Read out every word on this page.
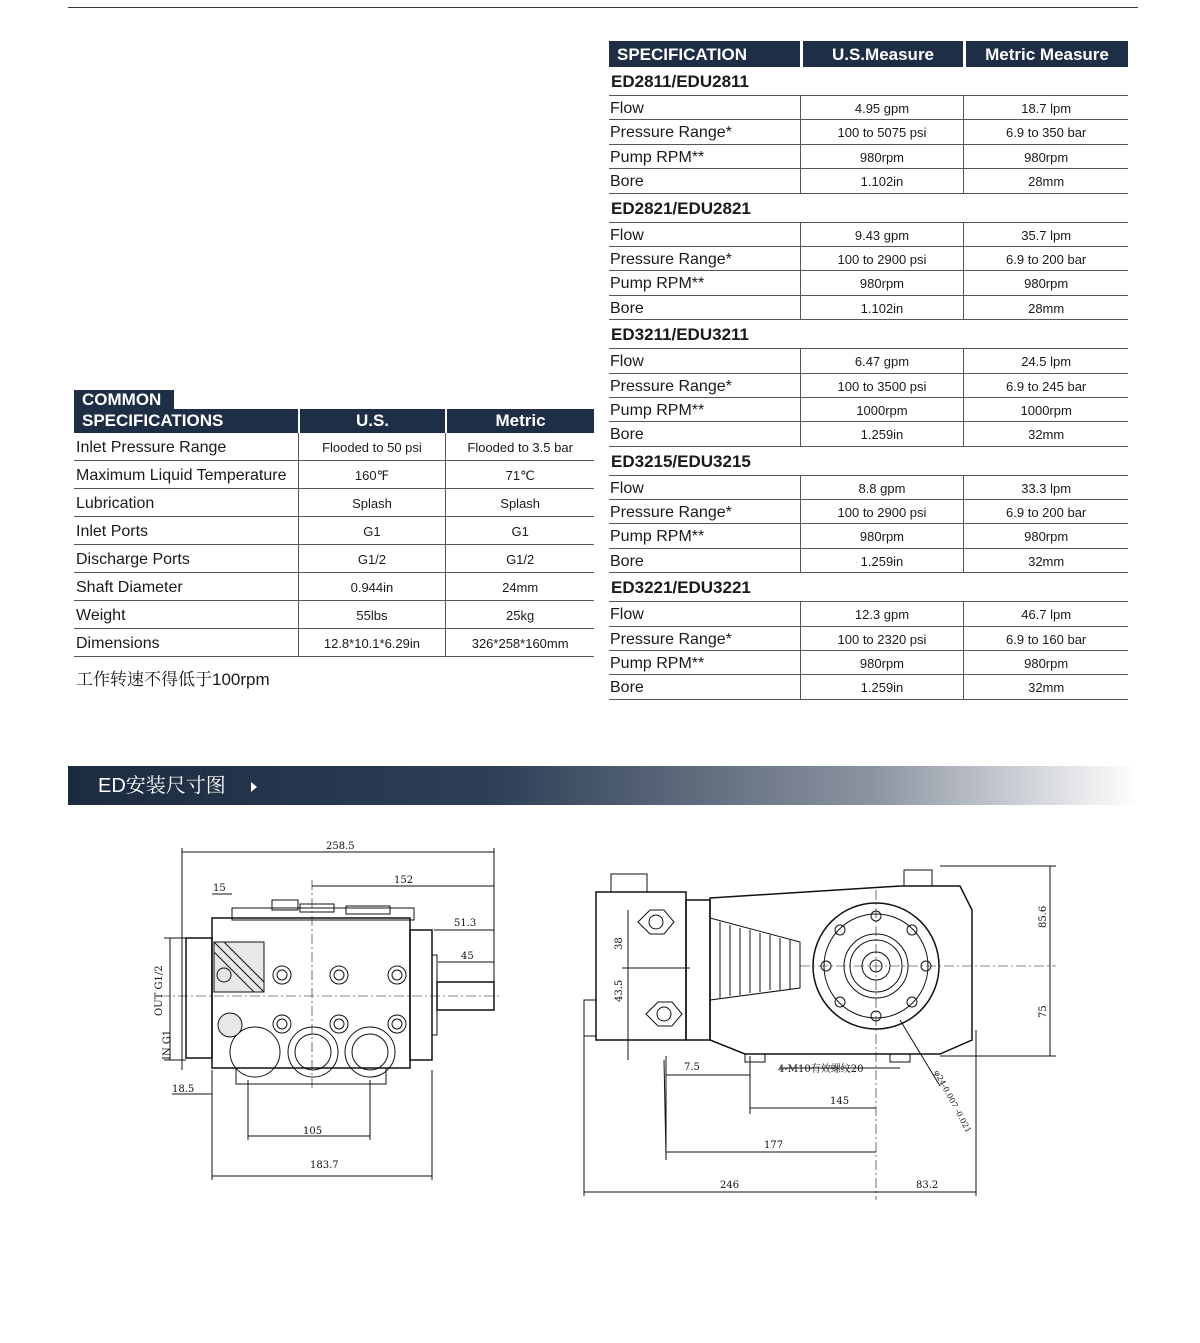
COMMON
SPECIFICATIONS	U.S.	Metric
Inlet Pressure Range	Flooded to 50 psi	Flooded to 3.5 bar
Maximum Liquid Temperature	160℉	71℃
Lubrication	Splash	Splash
Inlet Ports	G1	G1
Discharge Ports	G1/2	G1/2
Shaft Diameter	0.944in	24mm
Weight	55lbs	25kg
Dimensions	12.8*10.1*6.29in	326*258*160mm
工作转速不得低于100rpm
SPECIFICATION	U.S.Measure	Metric Measure
ED2811/EDU2811
Flow	4.95 gpm	18.7 lpm
Pressure Range*	100 to 5075 psi	6.9 to 350 bar
Pump RPM**	980rpm	980rpm
Bore	1.102in	28mm
ED2821/EDU2821
Flow	9.43 gpm	35.7 lpm
Pressure Range*	100 to 2900 psi	6.9 to 200 bar
Pump RPM**	980rpm	980rpm
Bore	1.102in	28mm
ED3211/EDU3211
Flow	6.47 gpm	24.5 lpm
Pressure Range*	100 to 3500 psi	6.9 to 245 bar
Pump RPM**	1000rpm	1000rpm
Bore	1.259in	32mm
ED3215/EDU3215
Flow	8.8 gpm	33.3 lpm
Pressure Range*	100 to 2900 psi	6.9 to 200 bar
Pump RPM**	980rpm	980rpm
Bore	1.259in	32mm
ED3221/EDU3221
Flow	12.3 gpm	46.7 lpm
Pressure Range*	100 to 2320 psi	6.9 to 160 bar
Pump RPM**	980rpm	980rpm
Bore	1.259in	32mm
ED安装尺寸图
258.5
152
15
51.3
45
18.5
105
183.7
OUT G1/2
IN G1
38
43.5
7.5	4-M10有效螺纹20
145
177
246	83.2
85.6
75
φ24-0.007 -0.021
